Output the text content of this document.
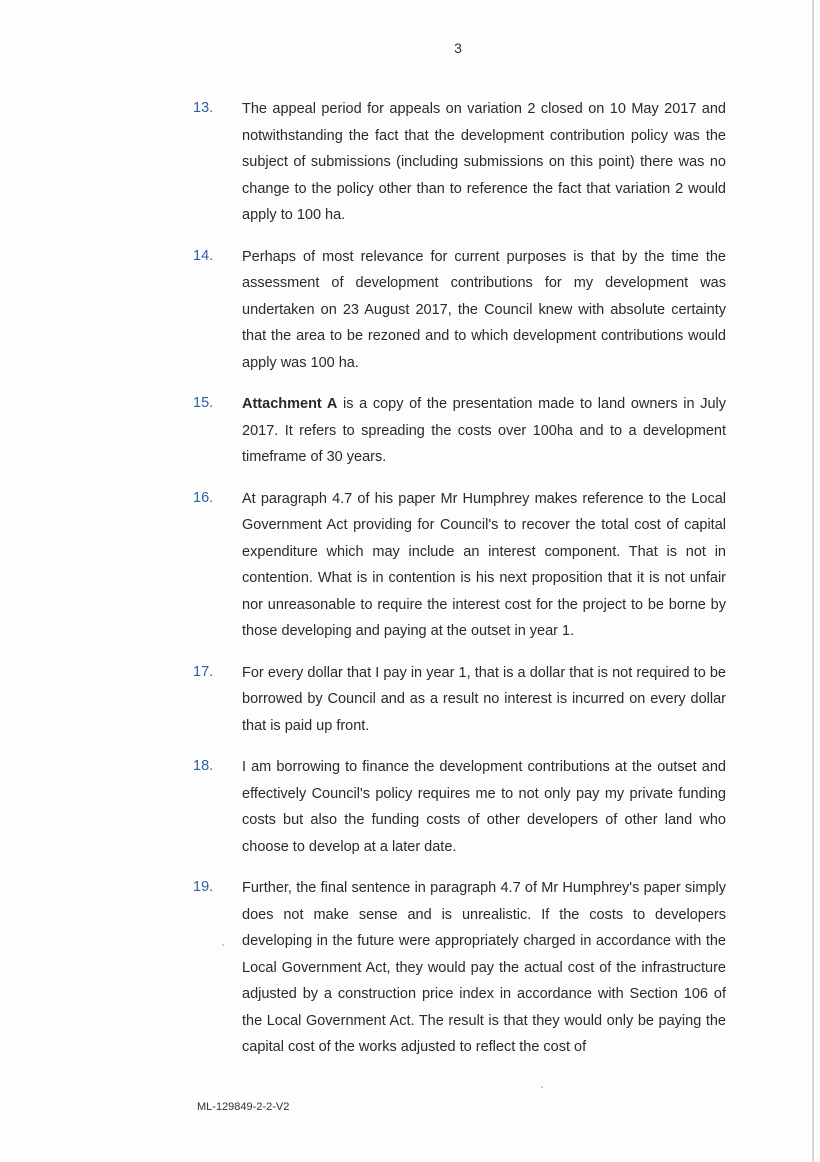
3
13. The appeal period for appeals on variation 2 closed on 10 May 2017 and notwithstanding the fact that the development contribution policy was the subject of submissions (including submissions on this point) there was no change to the policy other than to reference the fact that variation 2 would apply to 100 ha.
14. Perhaps of most relevance for current purposes is that by the time the assessment of development contributions for my development was undertaken on 23 August 2017, the Council knew with absolute certainty that the area to be rezoned and to which development contributions would apply was 100 ha.
15. Attachment A is a copy of the presentation made to land owners in July 2017. It refers to spreading the costs over 100ha and to a development timeframe of 30 years.
16. At paragraph 4.7 of his paper Mr Humphrey makes reference to the Local Government Act providing for Council's to recover the total cost of capital expenditure which may include an interest component. That is not in contention. What is in contention is his next proposition that it is not unfair nor unreasonable to require the interest cost for the project to be borne by those developing and paying at the outset in year 1.
17. For every dollar that I pay in year 1, that is a dollar that is not required to be borrowed by Council and as a result no interest is incurred on every dollar that is paid up front.
18. I am borrowing to finance the development contributions at the outset and effectively Council's policy requires me to not only pay my private funding costs but also the funding costs of other developers of other land who choose to develop at a later date.
19. Further, the final sentence in paragraph 4.7 of Mr Humphrey's paper simply does not make sense and is unrealistic. If the costs to developers developing in the future were appropriately charged in accordance with the Local Government Act, they would pay the actual cost of the infrastructure adjusted by a construction price index in accordance with Section 106 of the Local Government Act. The result is that they would only be paying the capital cost of the works adjusted to reflect the cost of
ML-129849-2-2-V2
